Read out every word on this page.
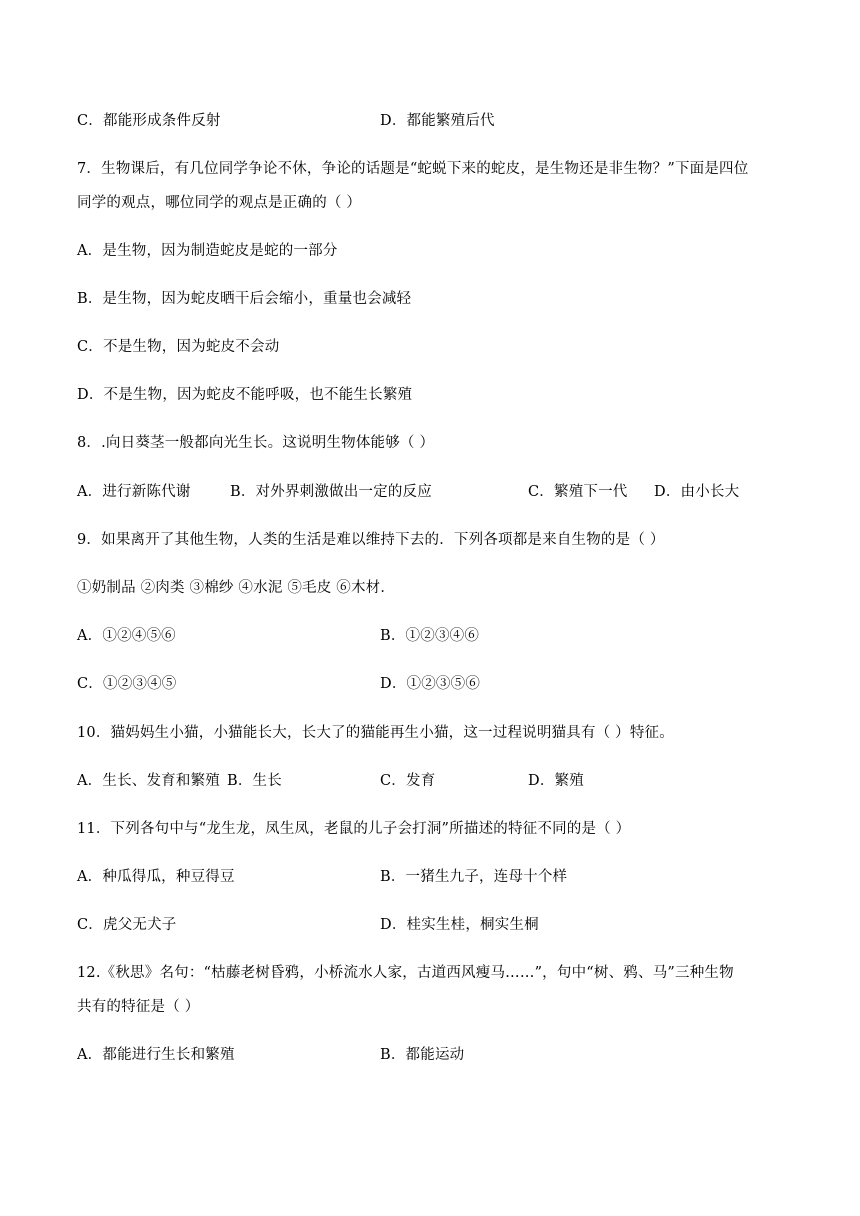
C．都能形成条件反射	D．都能繁殖后代
7．生物课后，有几位同学争论不休，争论的话题是“蛇蜕下来的蛇皮，是生物还是非生物？”下面是四位
同学的观点，哪位同学的观点是正确的（ ）
A．是生物，因为制造蛇皮是蛇的一部分
B．是生物，因为蛇皮晒干后会缩小，重量也会减轻
C．不是生物，因为蛇皮不会动
D．不是生物，因为蛇皮不能呼吸，也不能生长繁殖
8．.向日葵茎一般都向光生长。这说明生物体能够（ ）
A．进行新陈代谢	B．对外界刺激做出一定的反应	C．繁殖下一代 D．由小长大
9．如果离开了其他生物，人类的生活是难以维持下去的．下列各项都是来自生物的是（ ）
①奶制品 ②肉类 ③棉纱 ④水泥 ⑤毛皮 ⑥木材．
A．①②④⑤⑥	B．①②③④⑥
C．①②③④⑤	D．①②③⑤⑥
10．猫妈妈生小猫，小猫能长大，长大了的猫能再生小猫，这一过程说明猫具有（ ）特征。
A．生长、发育和繁殖 B．生长	C．发育	D．繁殖
11．下列各句中与“龙生龙，凤生凤，老鼠的儿子会打洞”所描述的特征不同的是（ ）
A．种瓜得瓜，种豆得豆	B．一猪生九子，连母十个样
C．虎父无犬子	D．桂实生桂，桐实生桐
12.《秋思》名句：“枯藤老树昏鸦，小桥流水人家，古道西风瘦马……”，句中“树、鸦、马”三种生物
共有的特征是（ ）
A．都能进行生长和繁殖	B．都能运动
